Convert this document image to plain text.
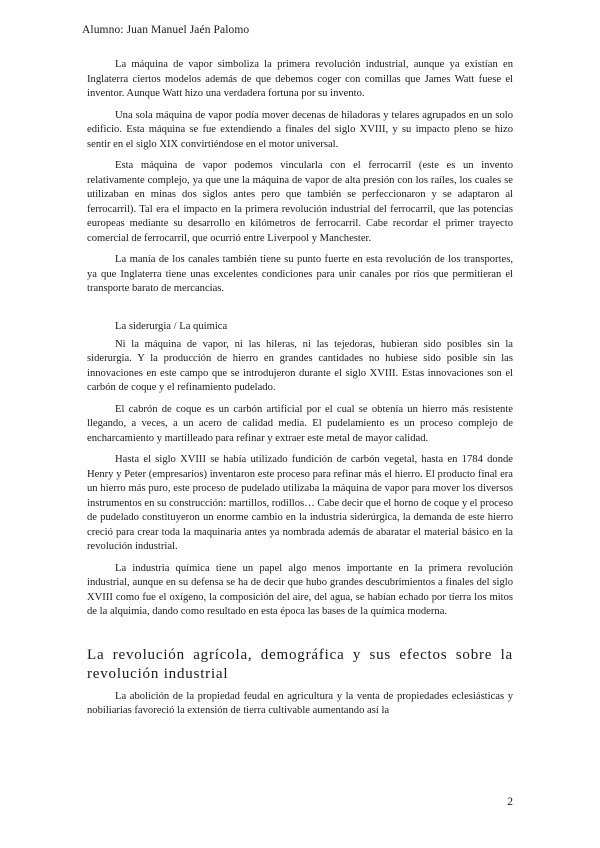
Alumno: Juan Manuel Jaén Palomo

La máquina de vapor simboliza la primera revolución industrial, aunque ya existían en Inglaterra ciertos modelos además de que debemos coger con comillas que James Watt fuese el inventor. Aunque Watt hizo una verdadera fortuna por su invento.

Una sola máquina de vapor podía mover decenas de hiladoras y telares agrupados en un solo edificio. Esta máquina se fue extendiendo a finales del siglo XVIII, y su impacto pleno se hizo sentir en el siglo XIX convirtiéndose en el motor universal.

Esta máquina de vapor podemos vincularla con el ferrocarril (este es un invento relativamente complejo, ya que une la máquina de vapor de alta presión con los raíles, los cuales se utilizaban en minas dos siglos antes pero que también se perfeccionaron y se adaptaron al ferrocarril). Tal era el impacto en la primera revolución industrial del ferrocarril, que las potencias europeas mediante su desarrollo en kilómetros de ferrocarril. Cabe recordar el primer trayecto comercial de ferrocarril, que ocurrió entre Liverpool y Manchester.

La manía de los canales también tiene su punto fuerte en esta revolución de los transportes, ya que Inglaterra tiene unas excelentes condiciones para unir canales por ríos que permitieran el transporte barato de mercancías.

La siderurgia / La química

Ni la máquina de vapor, ni las hileras, ni las tejedoras, hubieran sido posibles sin la siderurgia. Y la producción de hierro en grandes cantidades no hubiese sido posible sin las innovaciones en este campo que se introdujeron durante el siglo XVIII. Estas innovaciones son el carbón de coque y el refinamiento pudelado.

El cabrón de coque es un carbón artificial por el cual se obtenía un hierro más resistente llegando, a veces, a un acero de calidad media. El pudelamiento es un proceso complejo de encharcamiento y martilleado para refinar y extraer este metal de mayor calidad.

Hasta el siglo XVIII se había utilizado fundición de carbón vegetal, hasta en 1784 donde Henry y Peter (empresarios) inventaron este proceso para refinar más el hierro. El producto final era un hierro más puro, este proceso de pudelado utilizaba la máquina de vapor para mover los diversos instrumentos en su construcción: martillos, rodillos… Cabe decir que el horno de coque y el proceso de pudelado constituyeron un enorme cambio en la industria siderúrgica, la demanda de este hierro creció para crear toda la maquinaria antes ya nombrada además de abaratar el material básico en la revolución industrial.

La industria química tiene un papel algo menos importante en la primera revolución industrial, aunque en su defensa se ha de decir que hubo grandes descubrimientos a finales del siglo XVIII como fue el oxígeno, la composición del aire, del agua, se habían echado por tierra los mitos de la alquimia, dando como resultado en esta época las bases de la química moderna.

La revolución agrícola, demográfica y sus efectos sobre la revolución industrial

La abolición de la propiedad feudal en agricultura y la venta de propiedades eclesiásticas y nobiliarias favoreció la extensión de tierra cultivable aumentando así la

2
